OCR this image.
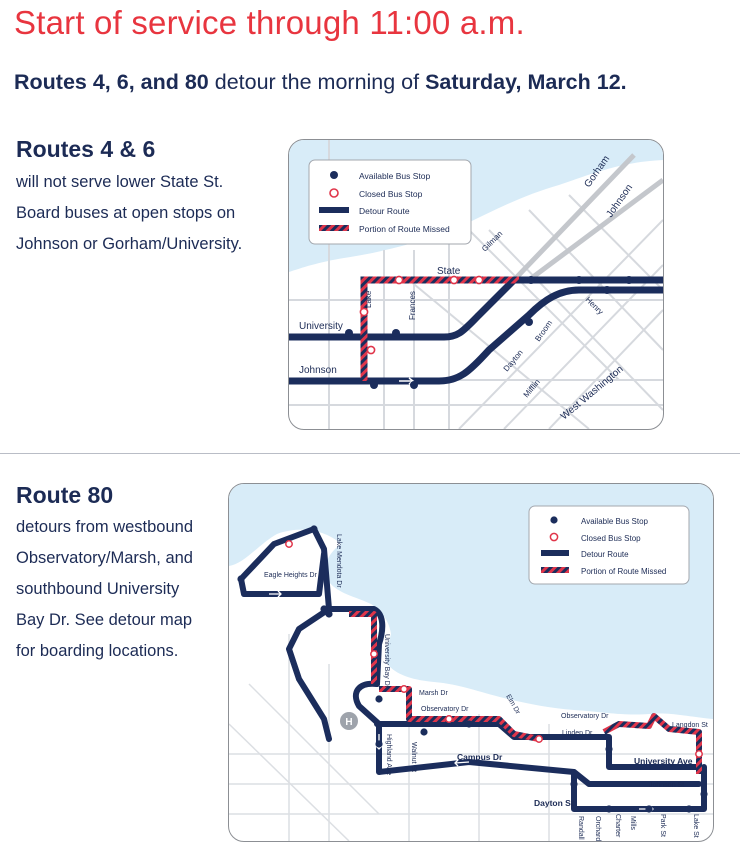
Start of service through 11:00 a.m.

Routes 4, 6, and 80 detour the morning of Saturday, March 12.

Routes 4 & 6
will not serve lower State St.
Board buses at open stops on
Johnson or Gorham/University.
Gorham
Johnson
Gilman
State
Lake	Frances	Henry
University
Johnson
Broom
Dayton
Mifflin West Washington
Available Bus Stop
Closed Bus Stop
Detour Route
Portion of Route Missed
Route 80
detours from westbound
Observatory/Marsh, and
southbound University
Bay Dr. See detour map
for boarding locations.
H
Eagle Heights Dr	Lake Mendota Dr
University Bay Dr
Marsh Dr
Observatory Dr	Elm Dr
Observatory Dr
Linden Dr
Langdon St
Highland Ave	Walnut St	Campus Dr	University Ave
Johnson St
Dayton St
Randall Orchard Charter Mills	Park St	Lake St
Available Bus Stop
Closed Bus Stop
Detour Route
Portion of Route Missed
